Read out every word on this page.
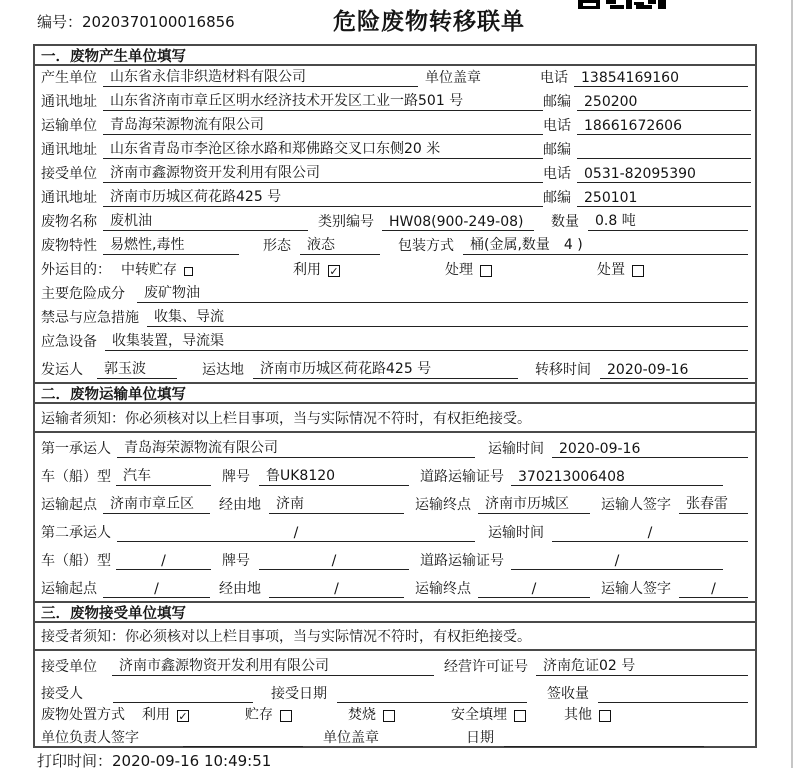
编号：2020370100016856	危险废物转移联单
一．废物产生单位填写
产生单位 山东省永信非织造材料有限公司	单位盖章	电话 13854169160
通讯地址 山东省济南市章丘区明水经济技术开发区工业一路501 号	邮编 250200
运输单位 青岛海荣源物流有限公司	电话 18661672606
通讯地址 山东省青岛市李沧区徐水路和郑佛路交叉口东侧20 米	邮编
接受单位 济南市鑫源物资开发利用有限公司	电话 0531-82095390
通讯地址 济南市历城区荷花路425 号	邮编 250101
废物名称 废机油	类别编号	HW08(900-249-08)	数量	0.8 吨
废物特性 易燃性,毒性	形态	液态	包装方式	桶(金属,数量　4 )
外运目的： 中转贮存	利用 ✓	处理	处置
主要危险成分	废矿物油
禁忌与应急措施	收集、导流
应急设备	收集装置，导流渠
发运人	郭玉波	运达地	济南市历城区荷花路425 号	转移时间	2020-09-16
二．废物运输单位填写
运输者须知：你必须核对以上栏目事项，当与实际情况不符时，有权拒绝接受。
第一承运人 青岛海荣源物流有限公司	运输时间	2020-09-16
车（船）型 汽车	牌号	鲁UK8120	道路运输证号	370213006408
运输起点 济南市章丘区	经由地	济南	运输终点	济南市历城区	运输人签字	张春雷
第二承运人	/	运输时间	/
车（船）型	/	牌号	/	道路运输证号	/
运输起点	/	经由地	/	运输终点	/	运输人签字	/
三．废物接受单位填写
接受者须知：你必须核对以上栏目事项，当与实际情况不符时，有权拒绝接受。
接受单位	济南市鑫源物资开发利用有限公司	经营许可证号	济南危证02 号
接受人	接受日期	签收量
废物处置方式 利用 ✓	贮存	焚烧	安全填埋	其他
单位负责人签字	单位盖章	日期
打印时间：2020-09-16 10:49:51
